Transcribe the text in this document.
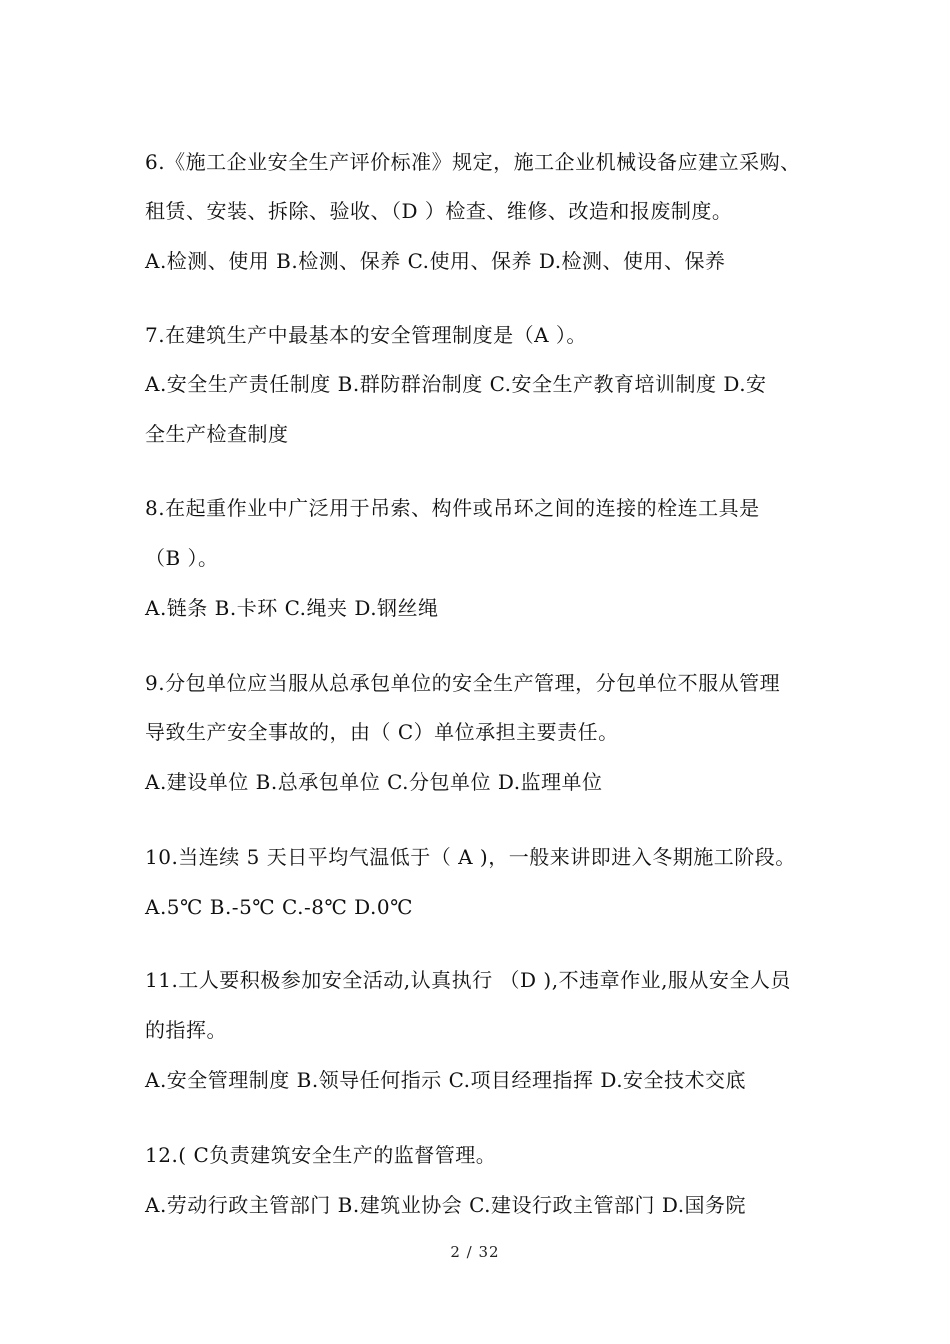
6.《施工企业安全生产评价标准》规定，施工企业机械设备应建立采购、
租赁、安装、拆除、验收、（D ）检查、维修、改造和报废制度。
A.检测、使用 B.检测、保养 C.使用、保养 D.检测、使用、保养
7.在建筑生产中最基本的安全管理制度是（A ）。
A.安全生产责任制度 B.群防群治制度 C.安全生产教育培训制度 D.安
全生产检查制度
8.在起重作业中广泛用于吊索、构件或吊环之间的连接的栓连工具是
（B ）。
A.链条 B.卡环 C.绳夹 D.钢丝绳
9.分包单位应当服从总承包单位的安全生产管理，分包单位不服从管理
导致生产安全事故的，由（ C）单位承担主要责任。
A.建设单位 B.总承包单位 C.分包单位 D.监理单位
10.当连续 5 天日平均气温低于（ A )，一般来讲即进入冬期施工阶段。
A.5℃ B.-5℃ C.-8℃ D.0℃
11.工人要积极参加安全活动,认真执行 （D ),不违章作业,服从安全人员
的指挥。
A.安全管理制度 B.领导任何指示 C.项目经理指挥 D.安全技术交底
12.( C负责建筑安全生产的监督管理。
A.劳动行政主管部门 B.建筑业协会 C.建设行政主管部门 D.国务院
2 / 32
